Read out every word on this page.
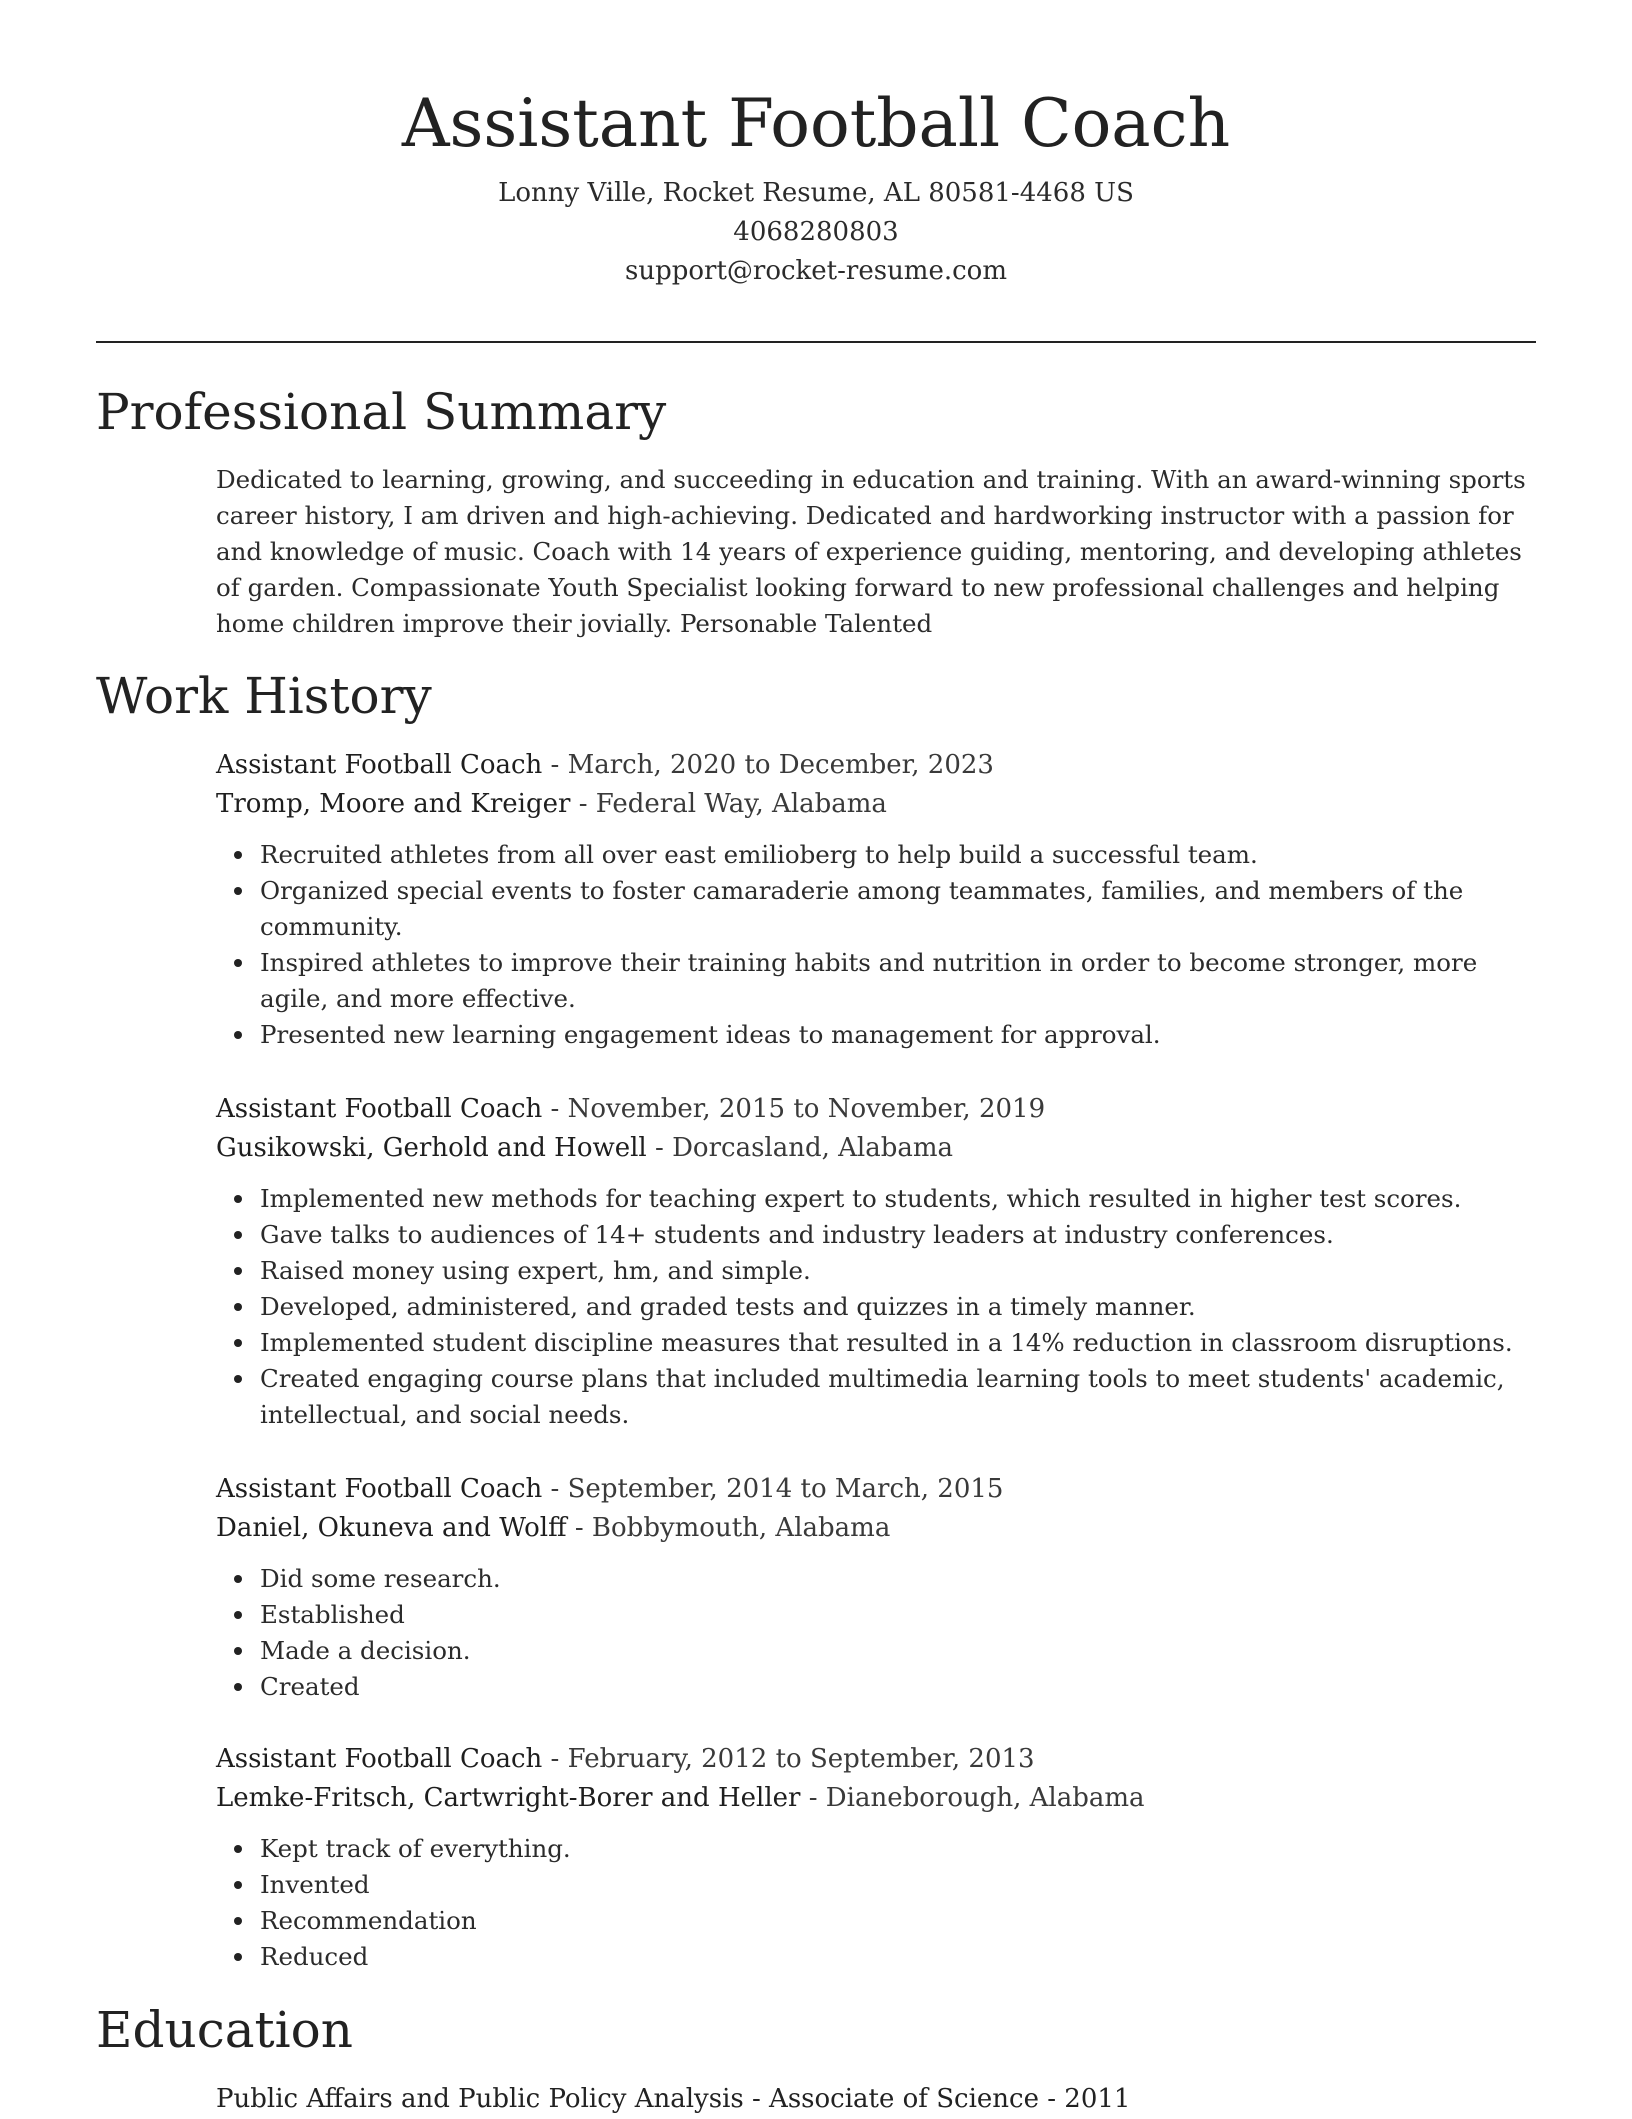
Assistant Football Coach
Lonny Ville, Rocket Resume, AL 80581-4468 US
4068280803
support@rocket-resume.com
Professional Summary

Dedicated to learning, growing, and succeeding in education and training. With an award-winning sports career history, I am driven and high-achieving. Dedicated and hardworking instructor with a passion for and knowledge of music. Coach with 14 years of experience guiding, mentoring, and developing athletes of garden. Compassionate Youth Specialist looking forward to new professional challenges and helping home children improve their jovially. Personable Talented

Work History
Assistant Football Coach - March, 2020 to December, 2023
Tromp, Moore and Kreiger - Federal Way, Alabama
Recruited athletes from all over east emilioberg to help build a successful team.
Organized special events to foster camaraderie among teammates, families, and members of the community.
Inspired athletes to improve their training habits and nutrition in order to become stronger, more agile, and more effective.
Presented new learning engagement ideas to management for approval.
Assistant Football Coach - November, 2015 to November, 2019
Gusikowski, Gerhold and Howell - Dorcasland, Alabama
Implemented new methods for teaching expert to students, which resulted in higher test scores.
Gave talks to audiences of 14+ students and industry leaders at industry conferences.
Raised money using expert, hm, and simple.
Developed, administered, and graded tests and quizzes in a timely manner.
Implemented student discipline measures that resulted in a 14% reduction in classroom disruptions.
Created engaging course plans that included multimedia learning tools to meet students' academic, intellectual, and social needs.
Assistant Football Coach - September, 2014 to March, 2015
Daniel, Okuneva and Wolff - Bobbymouth, Alabama
Did some research.
Established
Made a decision.
Created
Assistant Football Coach - February, 2012 to September, 2013
Lemke-Fritsch, Cartwright-Borer and Heller - Dianeborough, Alabama
Kept track of everything.
Invented
Recommendation
Reduced
Education
Public Affairs and Public Policy Analysis - Associate of Science - 2011
